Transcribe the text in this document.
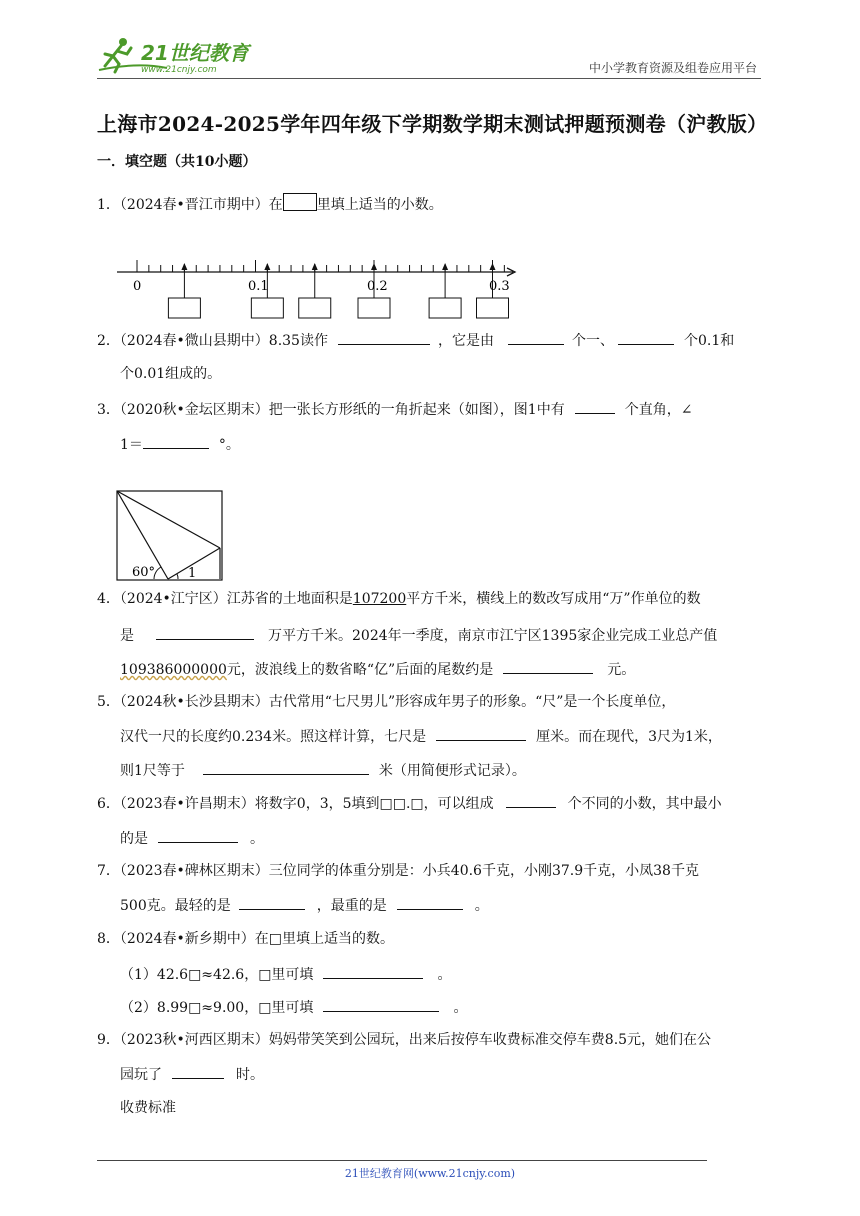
21世纪教育
www.21cnjy.com	中小学教育资源及组卷应用平台
上海市2024-2025学年四年级下学期数学期末测试押题预测卷（沪教版）
一．填空题（共10小题）
1．（2024春•晋江市期中）在 里填上适当的小数。
0	0.1	0.2	0.3
2．（2024春•微山县期中）8.35读作	，它是由	个一、	个0.1和
个0.01组成的。
3．（2020秋•金坛区期末）把一张长方形纸的一角折起来（如图），图1中有	个直角，∠
1＝	°。
60°	1
4．（2024•江宁区）江苏省的土地面积是107200平方千米，横线上的数改写成用“万”作单位的数
是	万平方千米。2024年一季度，南京市江宁区1395家企业完成工业总产值
109386000000元，波浪线上的数省略“亿”后面的尾数约是	元。
5．（2024秋•长沙县期末）古代常用“七尺男儿”形容成年男子的形象。“尺”是一个长度单位，
汉代一尺的长度约0.234米。照这样计算，七尺是	厘米。而在现代，3尺为1米，
则1尺等于	米（用简便形式记录）。
6．（2023春•许昌期末）将数字0，3，5填到□□.□，可以组成	个不同的小数，其中最小
的是	。
7．（2023春•碑林区期末）三位同学的体重分别是：小兵40.6千克，小刚37.9千克，小凤38千克
500克。最轻的是	，最重的是	。
8．（2024春•新乡期中）在□里填上适当的数。
（1）42.6□≈42.6，□里可填	。
（2）8.99□≈9.00，□里可填	。
9．（2023秋•河西区期末）妈妈带笑笑到公园玩，出来后按停车收费标准交停车费8.5元，她们在公
园玩了	时。
收费标准
21世纪教育网(www.21cnjy.com)
